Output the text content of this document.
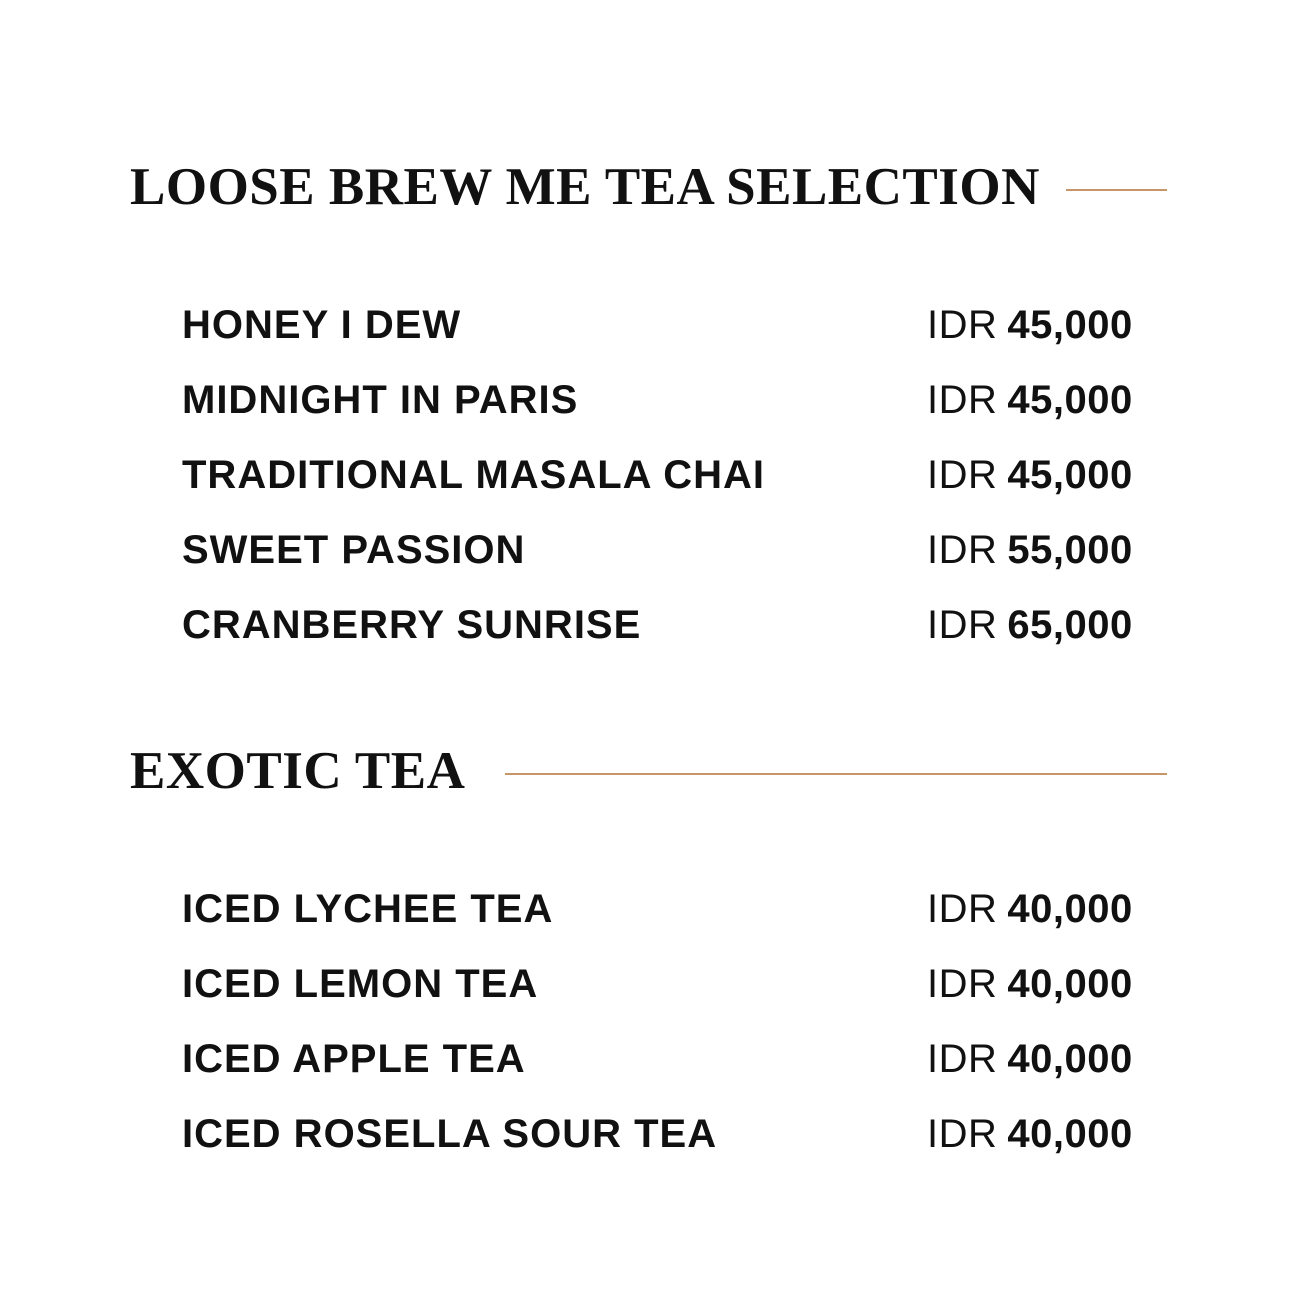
LOOSE BREW ME TEA SELECTION
HONEY I DEW	IDR 45,000
MIDNIGHT IN PARIS	IDR 45,000
TRADITIONAL MASALA CHAI	IDR 45,000
SWEET PASSION	IDR 55,000
CRANBERRY SUNRISE	IDR 65,000
EXOTIC TEA
ICED LYCHEE TEA	IDR 40,000
ICED LEMON TEA	IDR 40,000
ICED APPLE TEA	IDR 40,000
ICED ROSELLA SOUR TEA	IDR 40,000
